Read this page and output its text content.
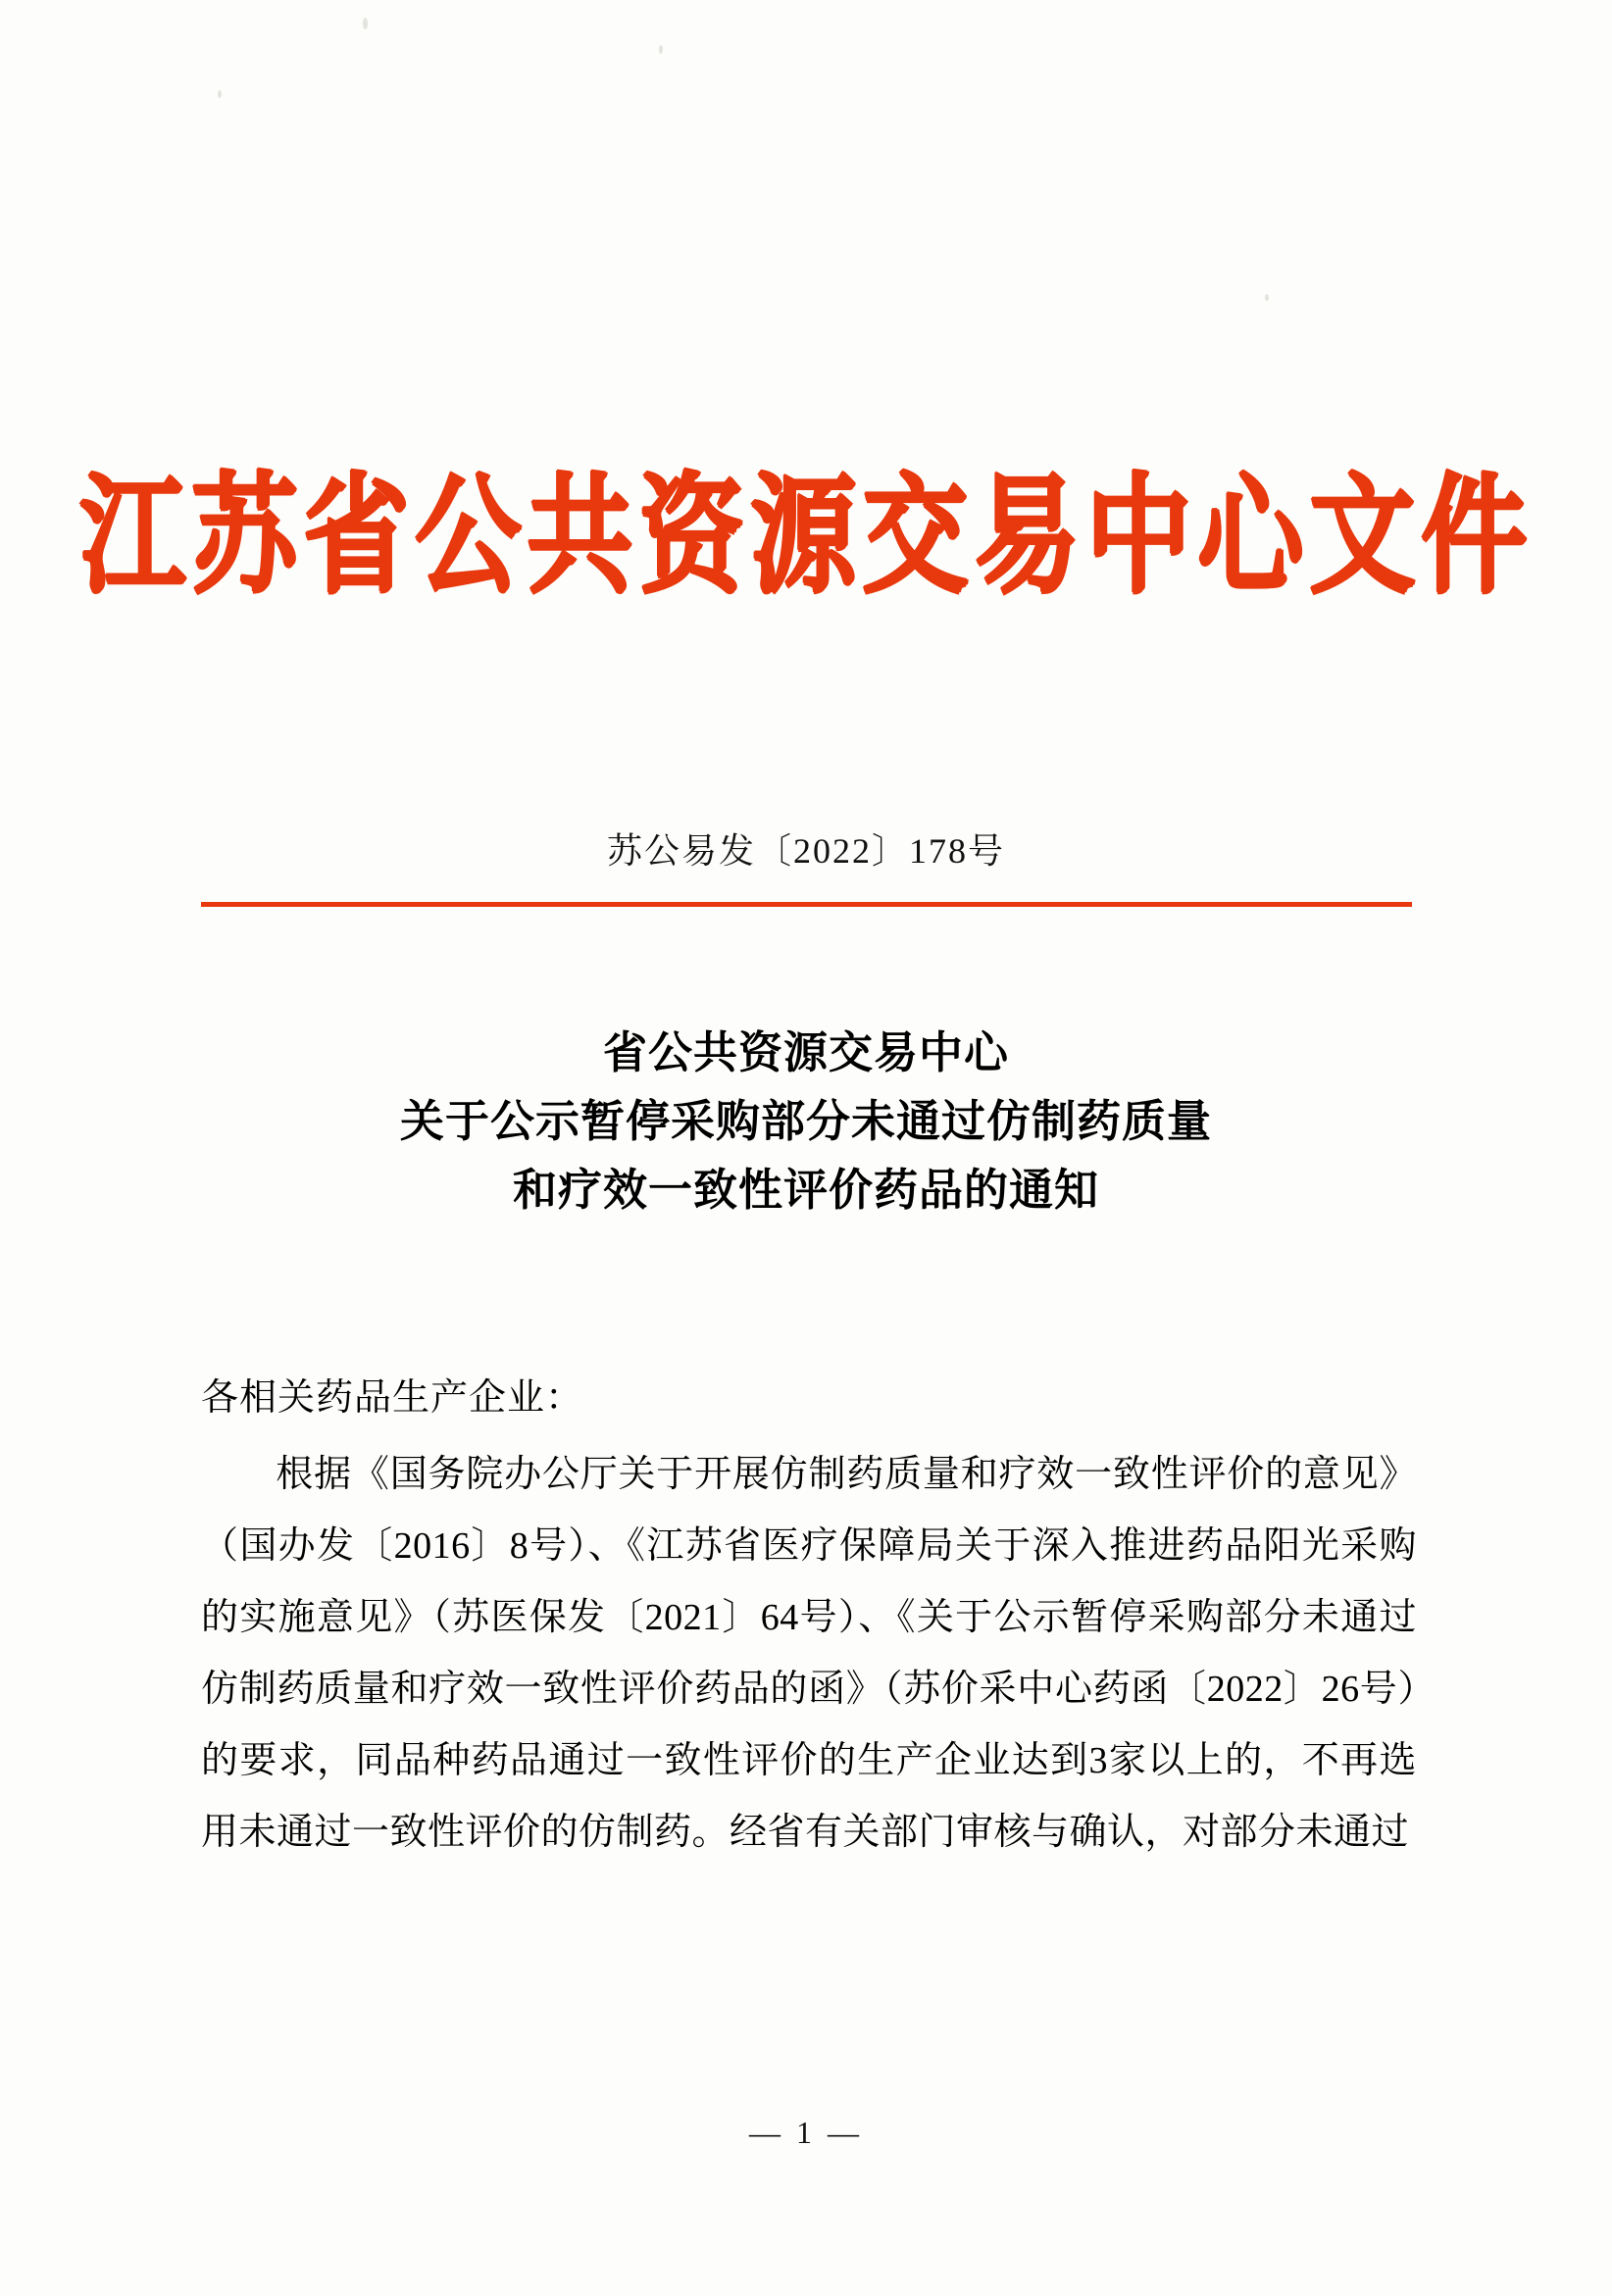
江苏省公共资源交易中心文件
苏公易发〔2022〕178号
省公共资源交易中心
关于公示暂停采购部分未通过仿制药质量
和疗效一致性评价药品的通知
各相关药品生产企业：

根据《国务院办公厅关于开展仿制药质量和疗效一致性评价的意见》（国办发〔2016〕8号）、《江苏省医疗保障局关于深入推进药品阳光采购的实施意见》（苏医保发〔2021〕64号）、《关于公示暂停采购部分未通过仿制药质量和疗效一致性评价药品的函》（苏价采中心药函〔2022〕26号）的要求，同品种药品通过一致性评价的生产企业达到3家以上的，不再选用未通过一致性评价的仿制药。经省有关部门审核与确认，对部分未通过

— 1 —
